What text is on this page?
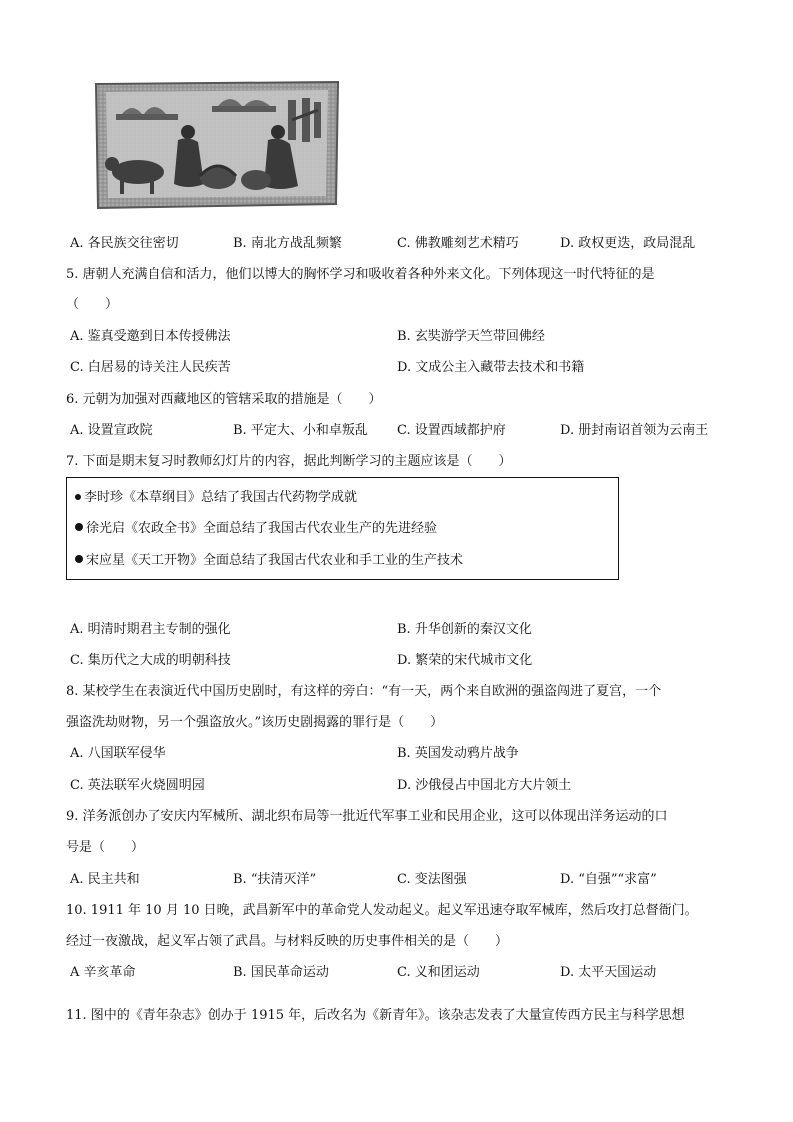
A. 各民族交往密切	B. 南北方战乱频繁	C. 佛教雕刻艺术精巧	D. 政权更迭，政局混乱
5. 唐朝人充满自信和活力，他们以博大的胸怀学习和吸收着各种外来文化。下列体现这一时代特征的是
（　　）
A. 鉴真受邀到日本传授佛法	B. 玄奘游学天竺带回佛经
C. 白居易的诗关注人民疾苦	D. 文成公主入藏带去技术和书籍
6. 元朝为加强对西藏地区的管辖采取的措施是（　　）
A. 设置宣政院	B. 平定大、小和卓叛乱 C. 设置西域都护府	D. 册封南诏首领为云南王
7. 下面是期末复习时教师幻灯片的内容，据此判断学习的主题应该是（　　）
李时珍《本草纲目》总结了我国古代药物学成就
徐光启《农政全书》全面总结了我国古代农业生产的先进经验
宋应星《天工开物》全面总结了我国古代农业和手工业的生产技术
A. 明清时期君主专制的强化	B. 升华创新的秦汉文化
C. 集历代之大成的明朝科技	D. 繁荣的宋代城市文化
8. 某校学生在表演近代中国历史剧时，有这样的旁白：“有一天，两个来自欧洲的强盗闯进了夏宫，一个
强盗洗劫财物，另一个强盗放火。”该历史剧揭露的罪行是（　　）
A. 八国联军侵华	B. 英国发动鸦片战争
C. 英法联军火烧圆明园	D. 沙俄侵占中国北方大片领土
9. 洋务派创办了安庆内军械所、湖北织布局等一批近代军事工业和民用企业，这可以体现出洋务运动的口
号是（　　）
A. 民主共和	B. “扶清灭洋”	C. 变法图强	D. “自强”“求富”
10. 1911 年 10 月 10 日晚，武昌新军中的革命党人发动起义。起义军迅速夺取军械库，然后攻打总督衙门。
经过一夜激战，起义军占领了武昌。与材料反映的历史事件相关的是（　　）
A 辛亥革命	B. 国民革命运动	C. 义和团运动	D. 太平天国运动
11. 图中的《青年杂志》创办于 1915 年，后改名为《新青年》。该杂志发表了大量宣传西方民主与科学思想
